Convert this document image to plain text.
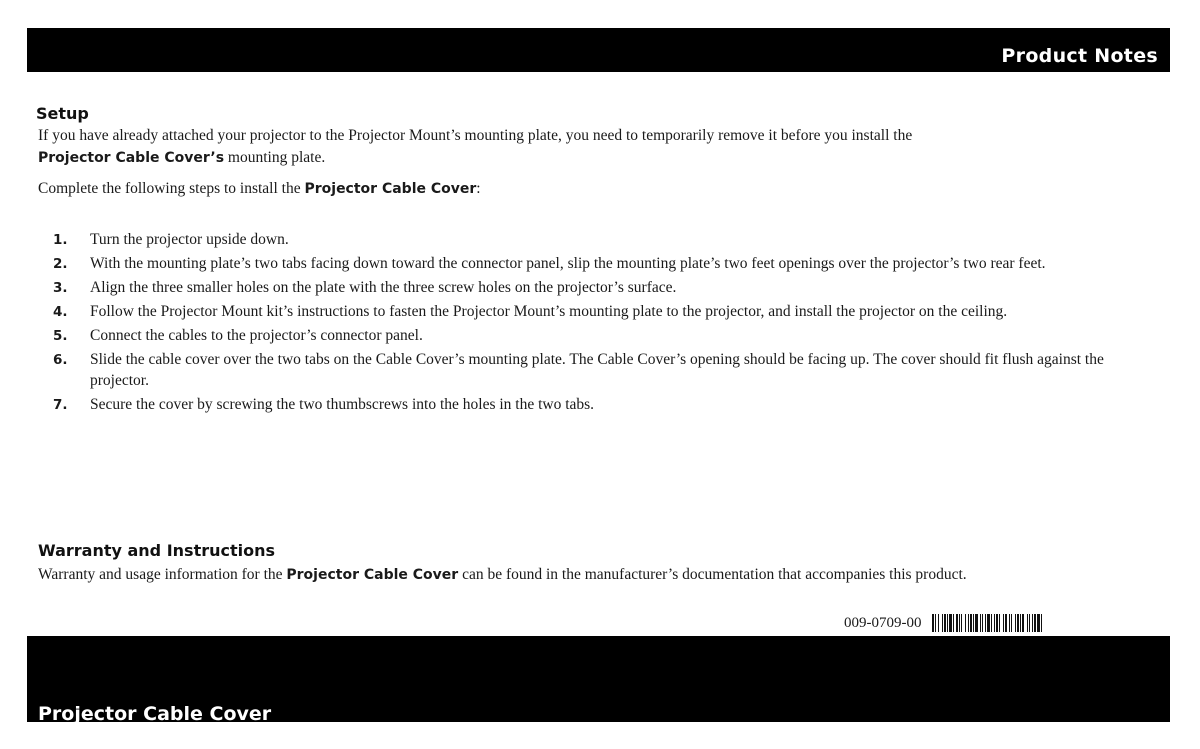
Product Notes
Setup
If you have already attached your projector to the Projector Mount’s mounting plate, you need to temporarily remove it before you install the
Projector Cable Cover’s mounting plate.
Complete the following steps to install the Projector Cable Cover:
1. Turn the projector upside down.
2. With the mounting plate’s two tabs facing down toward the connector panel, slip the mounting plate’s two feet openings over the projector’s two rear feet.
3. Align the three smaller holes on the plate with the three screw holes on the projector’s surface.
4. Follow the Projector Mount kit’s instructions to fasten the Projector Mount’s mounting plate to the projector, and install the projector on the ceiling.
5. Connect the cables to the projector’s connector panel.
6. Slide the cable cover over the two tabs on the Cable Cover’s mounting plate. The Cable Cover’s opening should be facing up. The cover should fit flush against the projector.
7. Secure the cover by screwing the two thumbscrews into the holes in the two tabs.
Warranty and Instructions
Warranty and usage information for the Projector Cable Cover can be found in the manufacturer’s documentation that accompanies this product.
009-0709-00
Projector Cable Cover
